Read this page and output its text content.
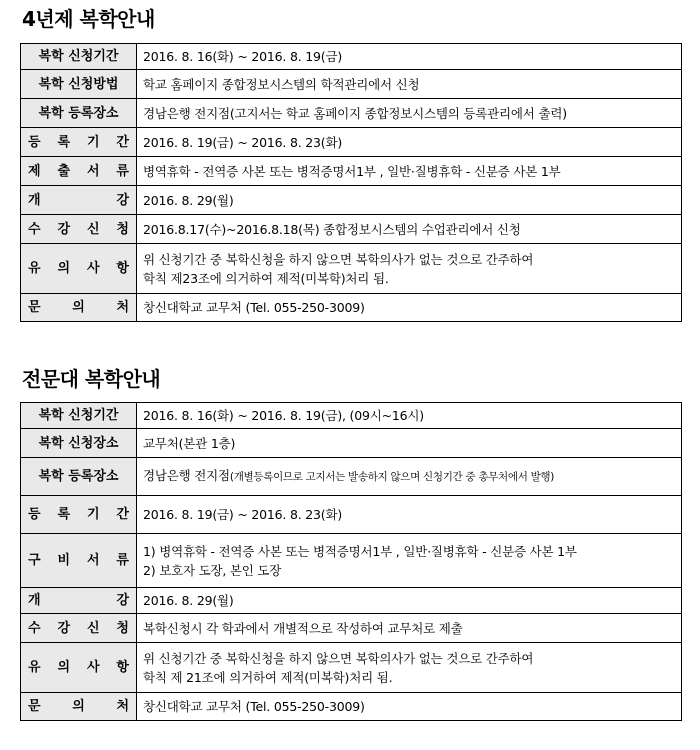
4년제 복학안내
복학 신청기간	2016. 8. 16(화) ~ 2016. 8. 19(금)
복학 신청방법	학교 홈페이지 종합정보시스템의 학적관리에서 신청
복학 등록장소	경남은행 전지점(고지서는 학교 홈페이지 종합정보시스템의 등록관리에서 출력)

등 록 기 간	2016. 8. 19(금) ~ 2016. 8. 23(화)

제 출 서 류	병역휴학 - 전역증 사본 또는 병적증명서1부 , 일반·질병휴학 - 신분증 사본 1부

개 강	2016. 8. 29(월)

수 강 신 청	2016.8.17(수)~2016.8.18(목) 종합정보시스템의 수업관리에서 신청

유 의 사 항	위 신청기간 중 복학신청을 하지 않으면 복학의사가 없는 것으로 간주하여
학칙 제23조에 의거하여 제적(미복학)처리 됨.

문 의 처	창신대학교 교무처 (Tel. 055-250-3009)
전문대 복학안내
복학 신청기간	2016. 8. 16(화) ~ 2016. 8. 19(금), (09시~16시)
복학 신청장소	교무처(본관 1층)
복학 등록장소	경남은행 전지점(개별등록이므로 고지서는 발송하지 않으며 신청기간 중 총무처에서 발행)

등 록 기 간	2016. 8. 19(금) ~ 2016. 8. 23(화)

구 비 서 류	1) 병역휴학 - 전역증 사본 또는 병적증명서1부 , 일반·질병휴학 - 신분증 사본 1부
2) 보호자 도장, 본인 도장

개 강	2016. 8. 29(월)

수 강 신 청	복학신청시 각 학과에서 개별적으로 작성하여 교무처로 제출

유 의 사 항	위 신청기간 중 복학신청을 하지 않으면 복학의사가 없는 것으로 간주하여
학칙 제 21조에 의거하여 제적(미복학)처리 됨.

문 의 처	창신대학교 교무처 (Tel. 055-250-3009)
